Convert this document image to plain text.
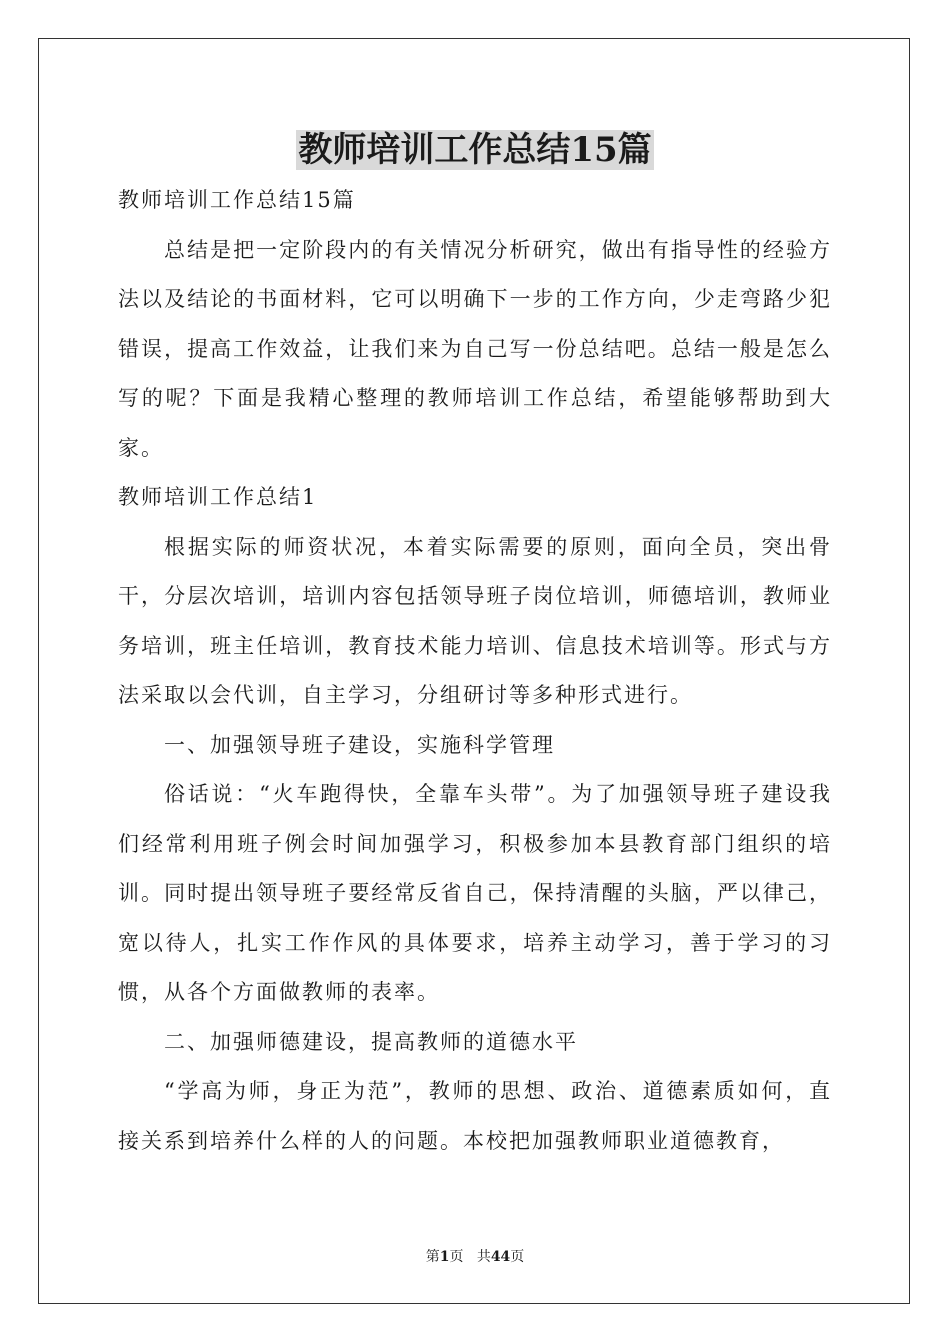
教师培训工作总结15篇

教师培训工作总结15篇

总结是把一定阶段内的有关情况分析研究，做出有指导性的经验方法以及结论的书面材料，它可以明确下一步的工作方向，少走弯路少犯错误，提高工作效益，让我们来为自己写一份总结吧。总结一般是怎么写的呢？下面是我精心整理的教师培训工作总结，希望能够帮助到大家。

教师培训工作总结1

根据实际的师资状况，本着实际需要的原则，面向全员，突出骨干，分层次培训，培训内容包括领导班子岗位培训，师德培训，教师业务培训，班主任培训，教育技术能力培训、信息技术培训等。形式与方法采取以会代训，自主学习，分组研讨等多种形式进行。

一、加强领导班子建设，实施科学管理

俗话说：“火车跑得快，全靠车头带”。为了加强领导班子建设我们经常利用班子例会时间加强学习，积极参加本县教育部门组织的培训。同时提出领导班子要经常反省自己，保持清醒的头脑，严以律己，宽以待人，扎实工作作风的具体要求，培养主动学习，善于学习的习惯，从各个方面做教师的表率。

二、加强师德建设，提高教师的道德水平

“学高为师，身正为范”，教师的思想、政治、道德素质如何，直接关系到培养什么样的人的问题。本校把加强教师职业道德教育，

第1页 共44页
